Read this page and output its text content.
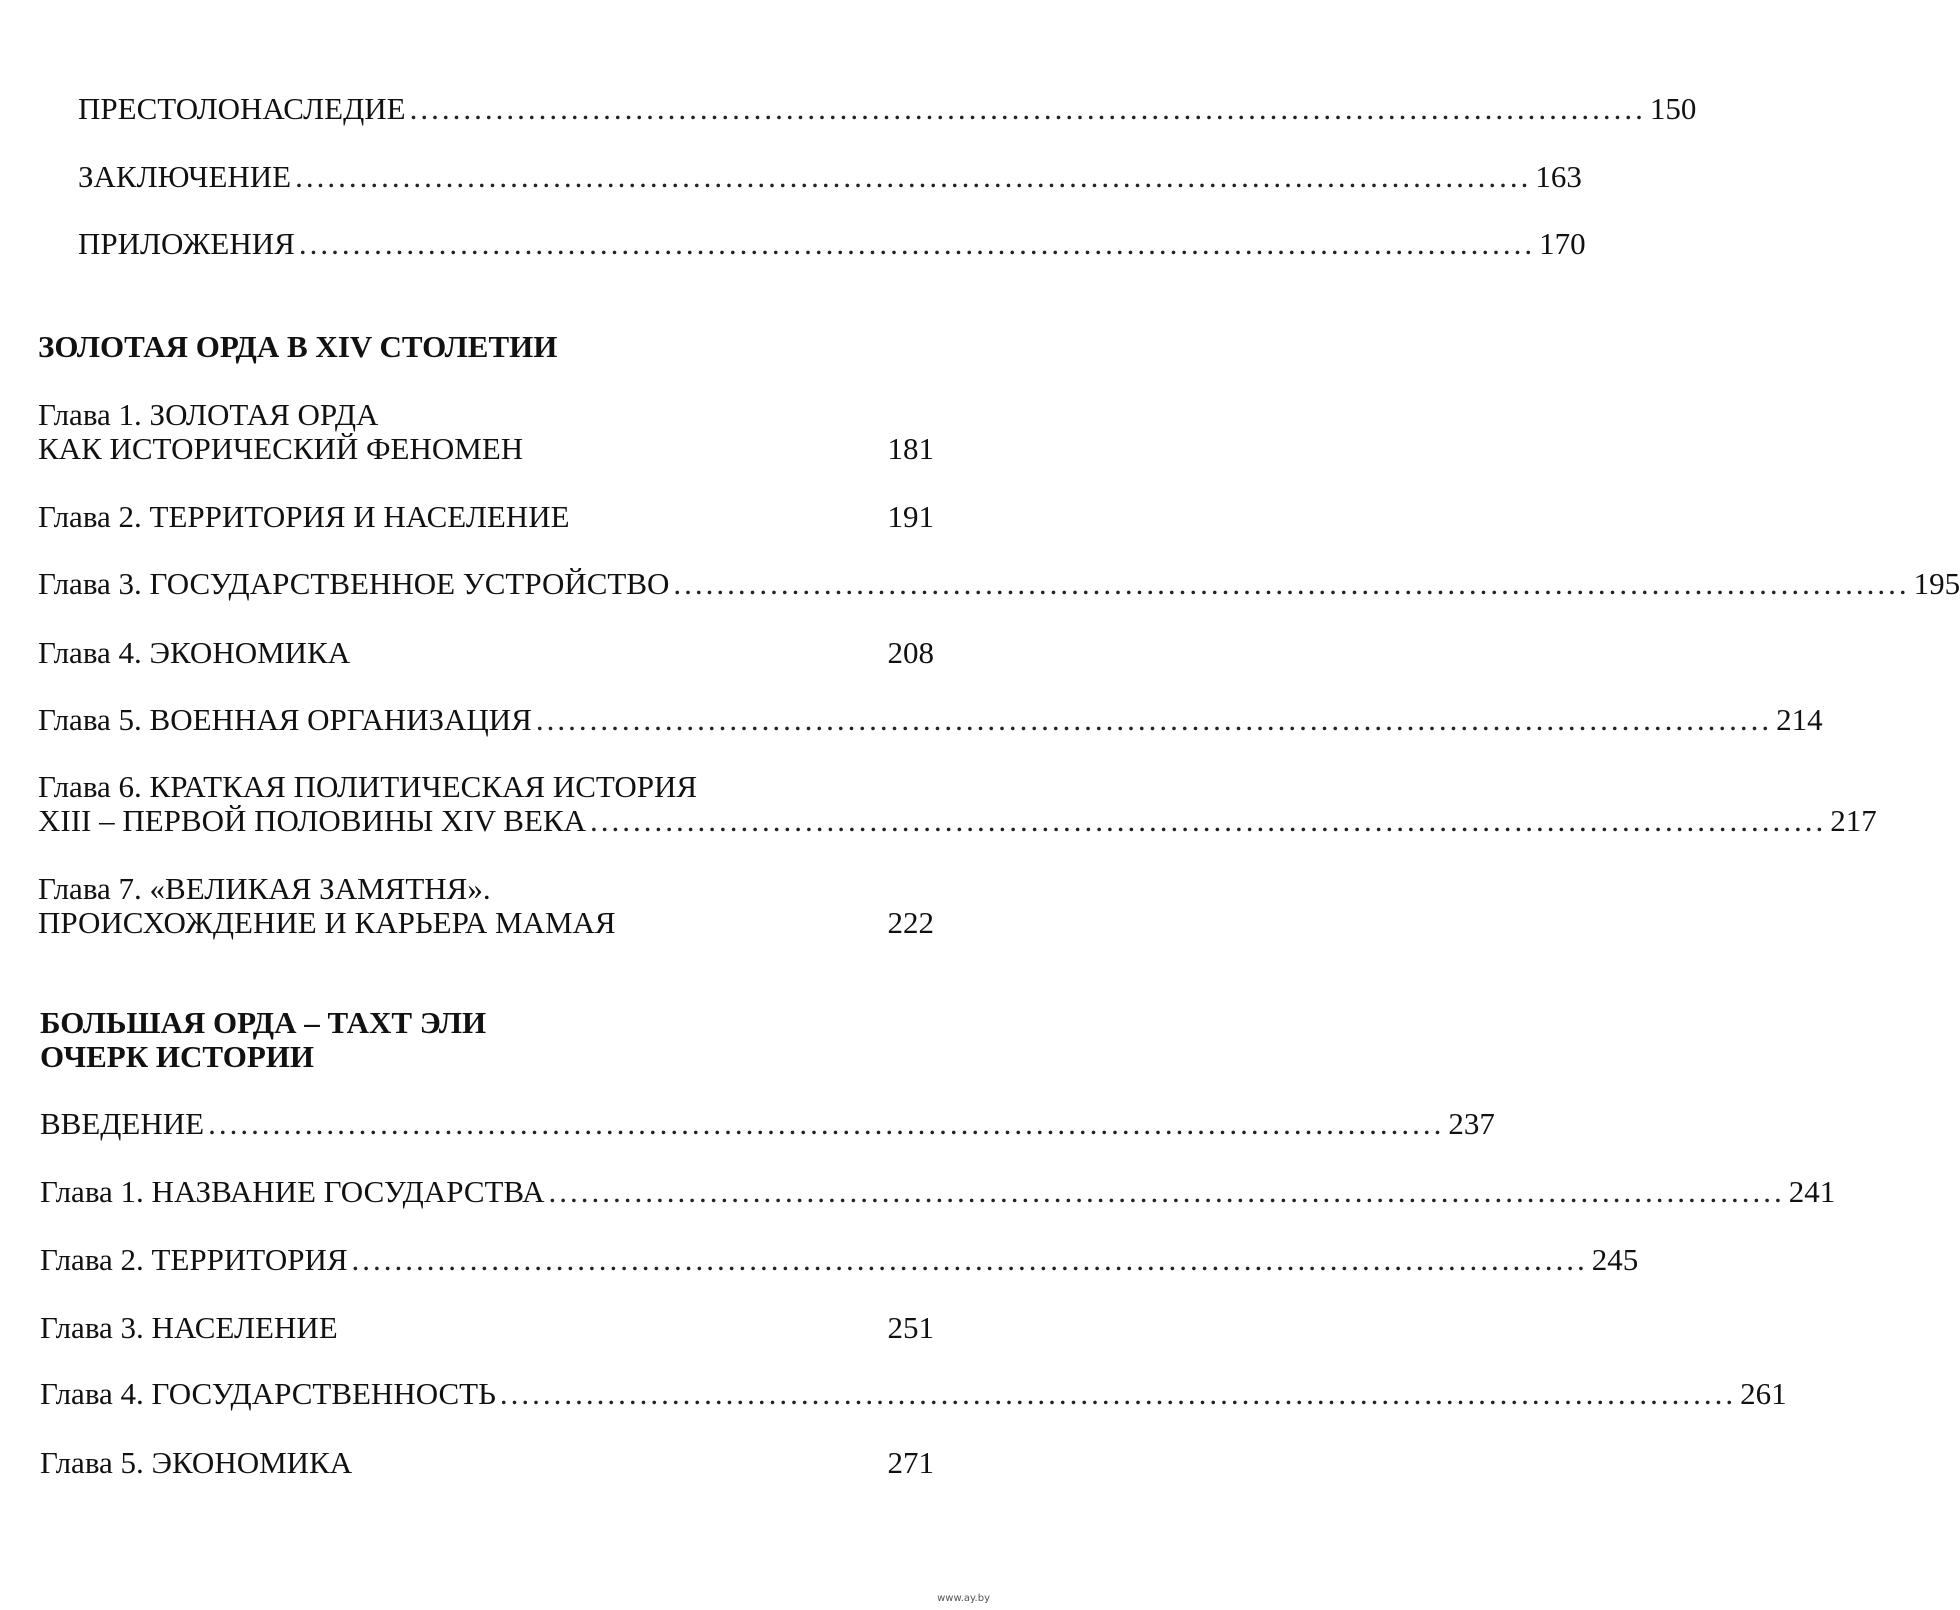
ПРЕСТОЛОНАСЛЕДИЕ ................................................................................................................... 150
ЗАКЛЮЧЕНИЕ ................................................................................................................... 163
ПРИЛОЖЕНИЯ ................................................................................................................... 170
ЗОЛОТАЯ ОРДА В XIV СТОЛЕТИИ
Глава 1. ЗОЛОТАЯ ОРДА
КАК ИСТОРИЧЕСКИЙ ФЕНОМЕН	181
Глава 2. ТЕРРИТОРИЯ И НАСЕЛЕНИЕ	191
Глава 3. ГОСУДАРСТВЕННОЕ УСТРОЙСТВО ................................................................................................................... 195
Глава 4. ЭКОНОМИКА	208
Глава 5. ВОЕННАЯ ОРГАНИЗАЦИЯ ................................................................................................................... 214
Глава 6. КРАТКАЯ ПОЛИТИЧЕСКАЯ ИСТОРИЯ
XIII – ПЕРВОЙ ПОЛОВИНЫ XIV ВЕКА ................................................................................................................... 217
Глава 7. «ВЕЛИКАЯ ЗАМЯТНЯ».
ПРОИСХОЖДЕНИЕ И КАРЬЕРА МАМАЯ	222
БОЛЬШАЯ ОРДА – ТАХТ ЭЛИ
ОЧЕРК ИСТОРИИ
ВВЕДЕНИЕ ................................................................................................................... 237
Глава 1. НАЗВАНИЕ ГОСУДАРСТВА ................................................................................................................... 241
Глава 2. ТЕРРИТОРИЯ ................................................................................................................... 245
Глава 3. НАСЕЛЕНИЕ	251
Глава 4. ГОСУДАРСТВЕННОСТЬ ................................................................................................................... 261
Глава 5. ЭКОНОМИКА	271
www.ay.by
